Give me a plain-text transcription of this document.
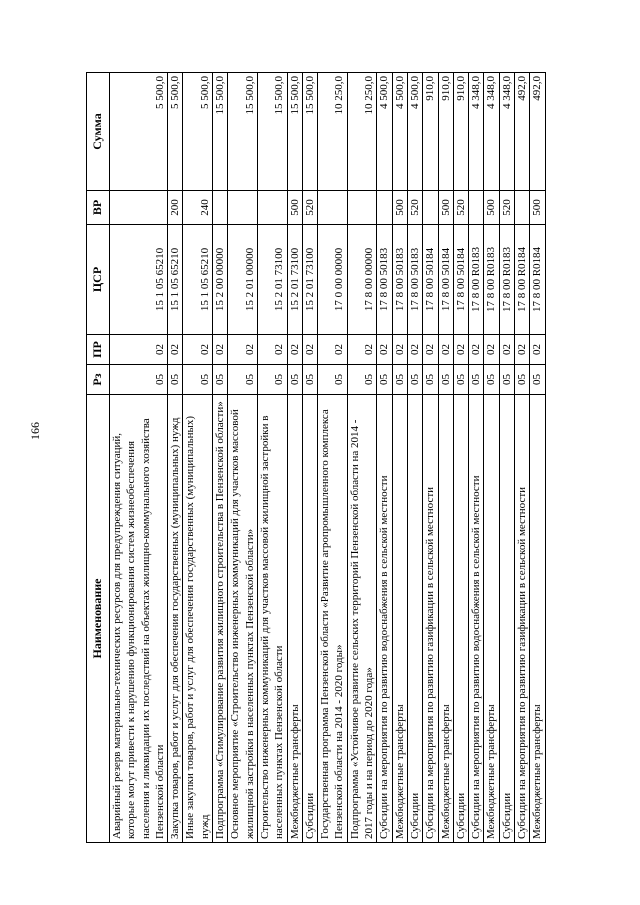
166
Наименование	Рз	ПР	ЦСР	ВР	Сумма
Аварийный резерв материально-технических ресурсов для предупреждения ситуаций, которые могут привести к нарушению функционирования систем жизнеобеспечения населения и ликвидации их последствий на объектах жилищно-коммунального хозяйства Пензенской области	05	02	15 1 05 65210		5 500,0
Закупка товаров, работ и услуг для обеспечения государственных (муниципальных) нужд	05	02	15 1 05 65210	200	5 500,0
Иные закупки товаров, работ и услуг для обеспечения государственных (муниципальных) нужд	05	02	15 1 05 65210	240	5 500,0
Подпрограмма «Стимулирование развития жилищного строительства в Пензенской области»	05	02	15 2 00 00000		15 500,0
Основное мероприятие «Строительство инженерных коммуникаций для участков массовой жилищной застройки в населенных пунктах Пензенской области»	05	02	15 2 01 00000		15 500,0
Строительство инженерных коммуникаций для участков массовой жилищной застройки в населенных пунктах Пензенской области	05	02	15 2 01 73100		15 500,0
Межбюджетные трансферты	05	02	15 2 01 73100	500	15 500,0
Субсидии	05	02	15 2 01 73100	520	15 500,0
Государственная программа Пензенской области «Развитие агропромышленного комплекса Пензенской области на 2014 - 2020 годы»	05	02	17 0 00 00000		10 250,0
Подпрограмма «Устойчивое развитие сельских территорий Пензенской области на 2014 - 2017 годы и на период до 2020 года»	05	02	17 8 00 00000		10 250,0
Субсидии на мероприятия по развитию водоснабжения в сельской местности	05	02	17 8 00 50183		4 500,0
Межбюджетные трансферты	05	02	17 8 00 50183	500	4 500,0
Субсидии	05	02	17 8 00 50183	520	4 500,0
Субсидии на мероприятия по развитию газификации в сельской местности	05	02	17 8 00 50184		910,0
Межбюджетные трансферты	05	02	17 8 00 50184	500	910,0
Субсидии	05	02	17 8 00 50184	520	910,0
Субсидии на мероприятия по развитию водоснабжения в сельской местности	05	02	17 8 00 R0183		4 348,0
Межбюджетные трансферты	05	02	17 8 00 R0183	500	4 348,0
Субсидии	05	02	17 8 00 R0183	520	4 348,0
Субсидии на мероприятия по развитию газификации в сельской местности	05	02	17 8 00 R0184		492,0
Межбюджетные трансферты	05	02	17 8 00 R0184	500	492,0
